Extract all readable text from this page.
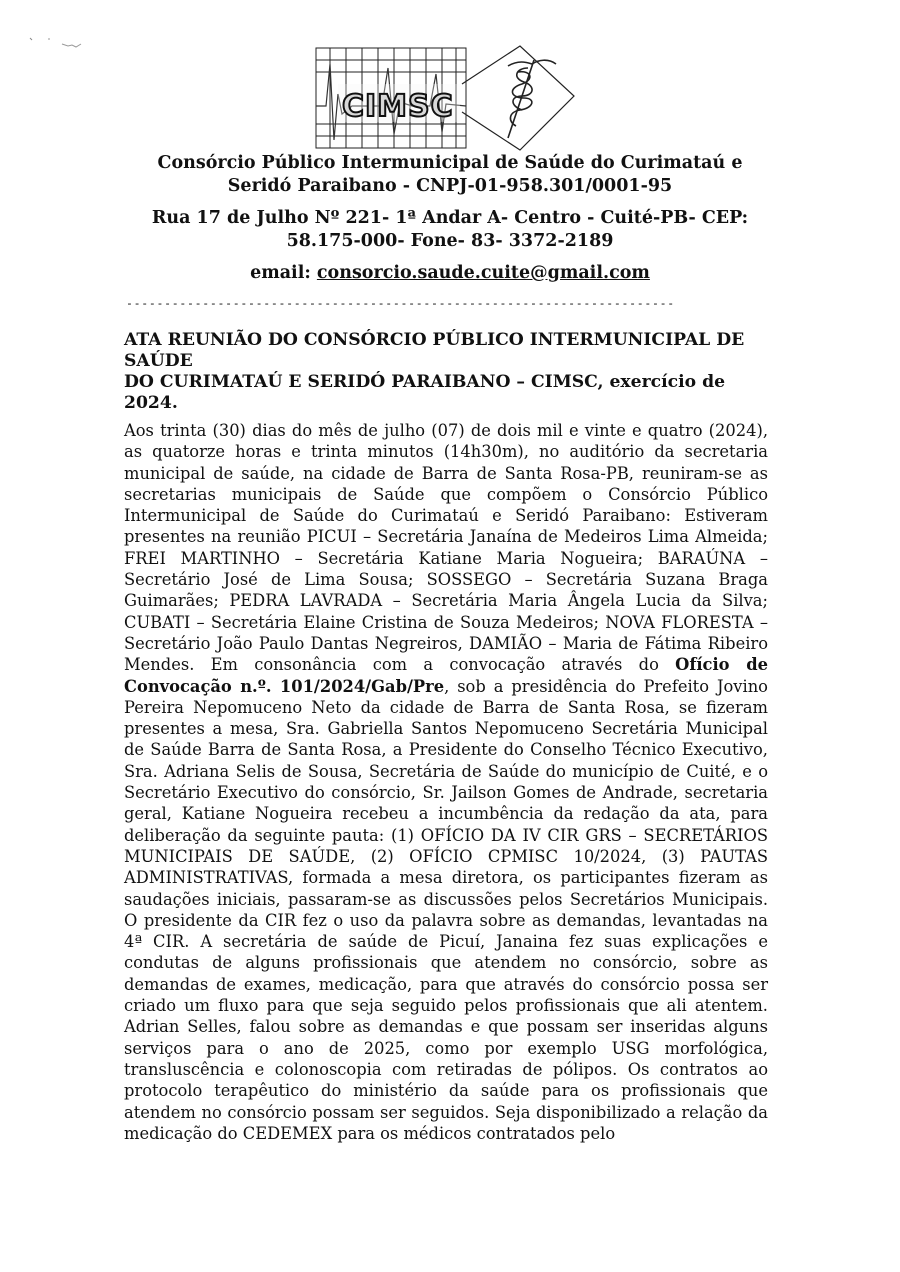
CIMSC

Consórcio Público Intermunicipal de Saúde do Curimataú e

Seridó Paraibano - CNPJ-01-958.301/0001-95

Rua 17 de Julho Nº 221- 1ª Andar A- Centro - Cuité-PB- CEP:

58.175-000- Fone- 83- 3372-2189

email: consorcio.saude.cuite@gmail.com

------------------------------------------------------------------------
ATA REUNIÃO DO CONSÓRCIO PÚBLICO INTERMUNICIPAL DE SAÚDE
DO CURIMATAÚ E SERIDÓ PARAIBANO – CIMSC, exercício de 2024.

Aos trinta (30) dias do mês de julho (07) de dois mil e vinte e quatro (2024), as quatorze horas e trinta minutos (14h30m), no auditório da secretaria municipal de saúde, na cidade de Barra de Santa Rosa-PB, reuniram-se as secretarias municipais de Saúde que compõem o Consórcio Público Intermunicipal de Saúde do Curimataú e Seridó Paraibano: Estiveram presentes na reunião PICUI – Secretária Janaína de Medeiros Lima Almeida; FREI MARTINHO – Secretária Katiane Maria Nogueira; BARAÚNA – Secretário José de Lima Sousa; SOSSEGO – Secretária Suzana Braga Guimarães; PEDRA LAVRADA – Secretária Maria Ângela Lucia da Silva; CUBATI – Secretária Elaine Cristina de Souza Medeiros; NOVA FLORESTA – Secretário João Paulo Dantas Negreiros, DAMIÃO – Maria de Fátima Ribeiro Mendes. Em consonância com a convocação através do Ofício de Convocação n.º. 101/2024/Gab/Pre, sob a presidência do Prefeito Jovino Pereira Nepomuceno Neto da cidade de Barra de Santa Rosa, se fizeram presentes a mesa, Sra. Gabriella Santos Nepomuceno Secretária Municipal de Saúde Barra de Santa Rosa, a Presidente do Conselho Técnico Executivo, Sra. Adriana Selis de Sousa, Secretária de Saúde do município de Cuité, e o Secretário Executivo do consórcio, Sr. Jailson Gomes de Andrade, secretaria geral, Katiane Nogueira recebeu a incumbência da redação da ata, para deliberação da seguinte pauta: (1) OFÍCIO DA IV CIR GRS – SECRETÁRIOS MUNICIPAIS DE SAÚDE, (2) OFÍCIO CPMISC 10/2024, (3) PAUTAS ADMINISTRATIVAS, formada a mesa diretora, os participantes fizeram as saudações iniciais, passaram-se as discussões pelos Secretários Municipais. O presidente da CIR fez o uso da palavra sobre as demandas, levantadas na 4ª CIR. A secretária de saúde de Picuí, Janaina fez suas explicações e condutas de alguns profissionais que atendem no consórcio, sobre as demandas de exames, medicação, para que através do consórcio possa ser criado um fluxo para que seja seguido pelos profissionais que ali atentem. Adrian Selles, falou sobre as demandas e que possam ser inseridas alguns serviços para o ano de 2025, como por exemplo USG morfológica, transluscência e colonoscopia com retiradas de pólipos. Os contratos ao protocolo terapêutico do ministério da saúde para os profissionais que atendem no consórcio possam ser seguidos. Seja disponibilizado a relação da medicação do CEDEMEX para os médicos contratados pelo
